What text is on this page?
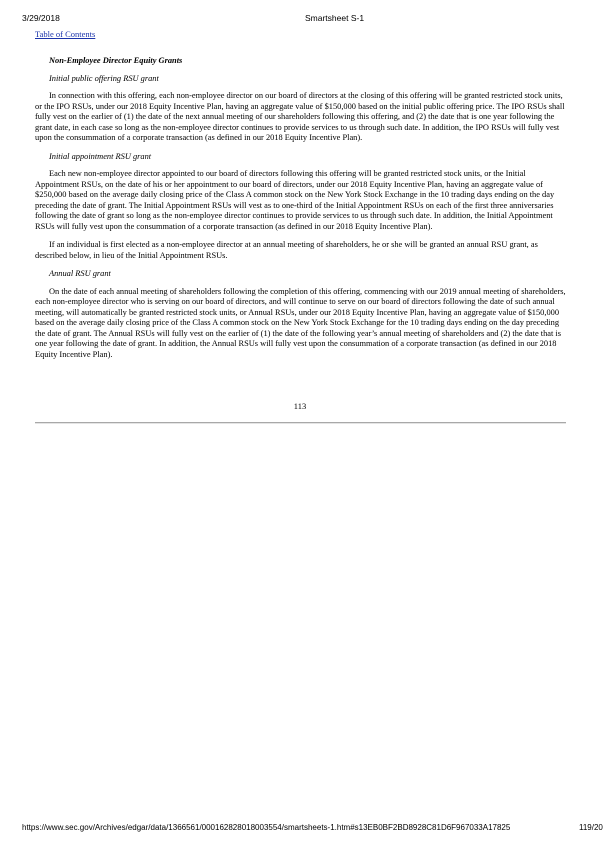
3/29/2018	Smartsheet S-1
Table of Contents

Non-Employee Director Equity Grants

Initial public offering RSU grant

In connection with this offering, each non-employee director on our board of directors at the closing of this offering will be granted restricted stock units, or the IPO RSUs, under our 2018 Equity Incentive Plan, having an aggregate value of $150,000 based on the initial public offering price. The IPO RSUs shall fully vest on the earlier of (1) the date of the next annual meeting of our shareholders following this offering, and (2) the date that is one year following the grant date, in each case so long as the non-employee director continues to provide services to us through such date. In addition, the IPO RSUs will fully vest upon the consummation of a corporate transaction (as defined in our 2018 Equity Incentive Plan).

Initial appointment RSU grant

Each new non-employee director appointed to our board of directors following this offering will be granted restricted stock units, or the Initial Appointment RSUs, on the date of his or her appointment to our board of directors, under our 2018 Equity Incentive Plan, having an aggregate value of $250,000 based on the average daily closing price of the Class A common stock on the New York Stock Exchange in the 10 trading days ending on the day preceding the date of grant. The Initial Appointment RSUs will vest as to one-third of the Initial Appointment RSUs on each of the first three anniversaries following the date of grant so long as the non-employee director continues to provide services to us through such date. In addition, the Initial Appointment RSUs will fully vest upon the consummation of a corporate transaction (as defined in our 2018 Equity Incentive Plan).

If an individual is first elected as a non-employee director at an annual meeting of shareholders, he or she will be granted an annual RSU grant, as described below, in lieu of the Initial Appointment RSUs.

Annual RSU grant

On the date of each annual meeting of shareholders following the completion of this offering, commencing with our 2019 annual meeting of shareholders, each non-employee director who is serving on our board of directors, and will continue to serve on our board of directors following the date of such annual meeting, will automatically be granted restricted stock units, or Annual RSUs, under our 2018 Equity Incentive Plan, having an aggregate value of $150,000 based on the average daily closing price of the Class A common stock on the New York Stock Exchange for the 10 trading days ending on the day preceding the date of grant. The Annual RSUs will fully vest on the earlier of (1) the date of the following year’s annual meeting of shareholders and (2) the date that is one year following the date of grant. In addition, the Annual RSUs will fully vest upon the consummation of a corporate transaction (as defined in our 2018 Equity Incentive Plan).

113
https://www.sec.gov/Archives/edgar/data/1366561/000162828018003554/smartsheets-1.htm#s13EB0BF2BD8928C81D6F967033A17825	119/20
